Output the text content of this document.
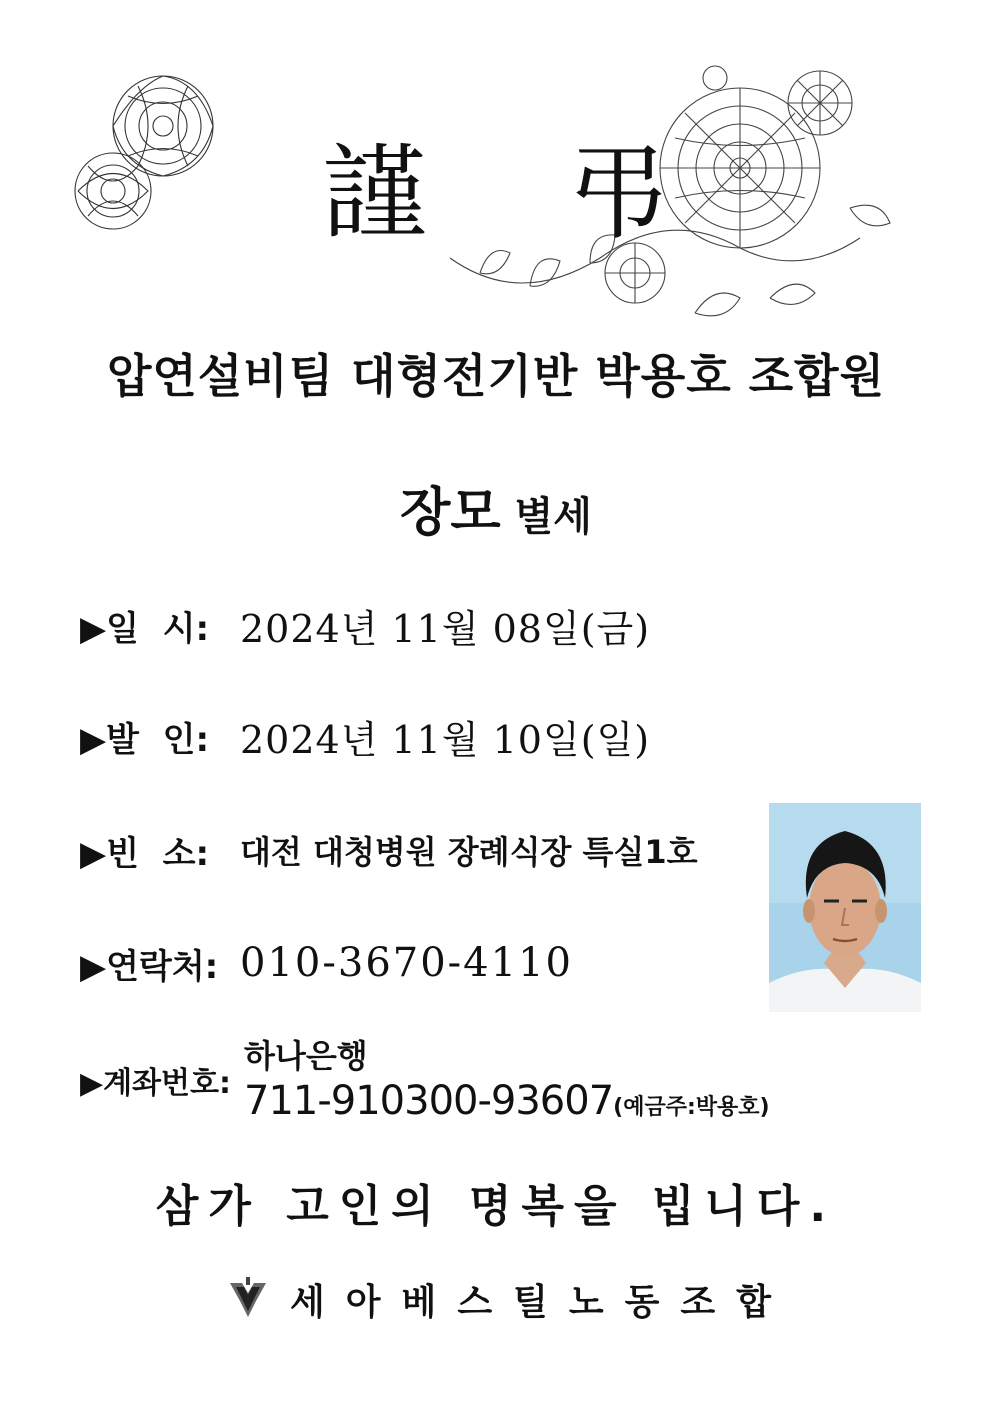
謹 弔
압연설비팀 대형전기반 박용호 조합원
장모 별세
▶일  시: 2024년 11월 08일(금)
▶발  인: 2024년 11월 10일(일)
▶빈  소: 대전 대청병원 장례식장 특실1호
▶연락처: 010-3670-4110
▶계좌번호:
하나은행
711-910300-93607(예금주:박용호)
삼가 고인의 명복을 빕니다.
세아베스틸노동조합
